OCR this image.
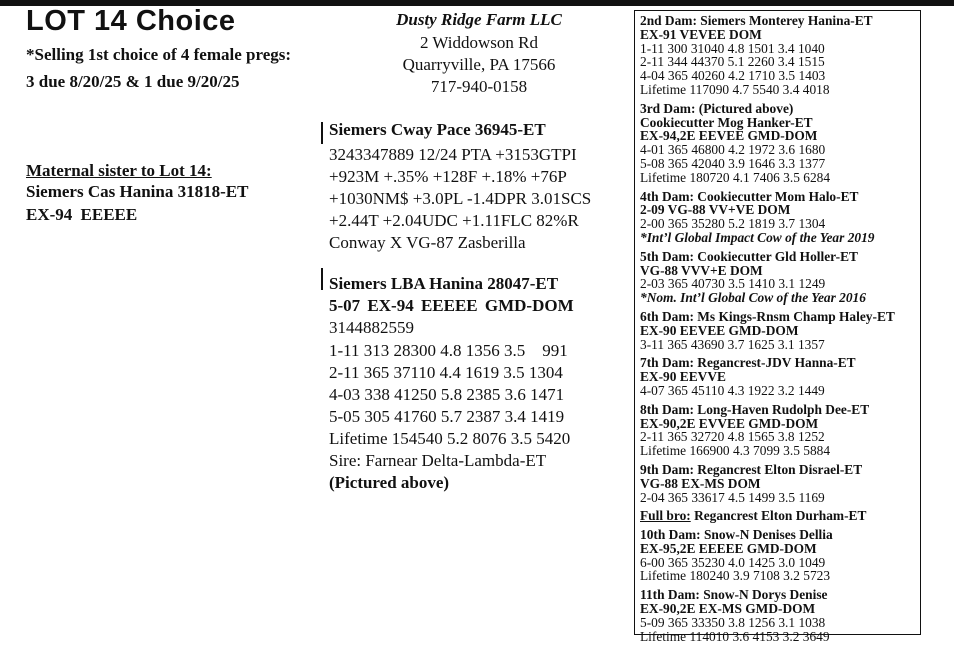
LOT 14 Choice
*Selling 1st choice of 4 female pregs:
3 due 8/20/25 & 1 due 9/20/25
Maternal sister to Lot 14:
Siemers Cas Hanina 31818-ET
EX-94 EEEEE
Dusty Ridge Farm LLC
2 Widdowson Rd
Quarryville, PA 17566
717-940-0158
Siemers Cway Pace 36945-ET
3243347889 12/24 PTA +3153GTPI
+923M +.35% +128F +.18% +76P
+1030NM$ +3.0PL -1.4DPR 3.01SCS
+2.44T +2.04UDC +1.11FLC 82%R
Conway X VG-87 Zasberilla
Siemers LBA Hanina 28047-ET
5-07 EX-94 EEEEE GMD-DOM
3144882559
1-11 313 28300 4.8 1356 3.5    991
2-11 365 37110 4.4 1619 3.5 1304
4-03 338 41250 5.8 2385 3.6 1471
5-05 305 41760 5.7 2387 3.4 1419
Lifetime 154540 5.2 8076 3.5 5420
Sire: Farnear Delta-Lambda-ET
(Pictured above)
2nd Dam: Siemers Monterey Hanina-ET
EX-91 VEVEE DOM
1-11 300 31040 4.8 1501 3.4 1040
2-11 344 44370 5.1 2260 3.4 1515
4-04 365 40260 4.2 1710 3.5 1403
Lifetime 117090 4.7 5540 3.4 4018
3rd Dam: (Pictured above)
Cookiecutter Mog Hanker-ET
EX-94,2E EEVEE GMD-DOM
4-01 365 46800 4.2 1972 3.6 1680
5-08 365 42040 3.9 1646 3.3 1377
Lifetime 180720 4.1 7406 3.5 6284
4th Dam: Cookiecutter Mom Halo-ET
2-09 VG-88 VV+VE DOM
2-00 365 35280 5.2 1819 3.7 1304
*Int’l Global Impact Cow of the Year 2019
5th Dam: Cookiecutter Gld Holler-ET
VG-88 VVV+E DOM
2-03 365 40730 3.5 1410 3.1 1249
*Nom. Int’l Global Cow of the Year 2016
6th Dam: Ms Kings-Rnsm Champ Haley-ET
EX-90 EEVEE GMD-DOM
3-11 365 43690 3.7 1625 3.1 1357
7th Dam: Regancrest-JDV Hanna-ET
EX-90 EEVVE
4-07 365 45110 4.3 1922 3.2 1449
8th Dam: Long-Haven Rudolph Dee-ET
EX-90,2E EVVEE GMD-DOM
2-11 365 32720 4.8 1565 3.8 1252
Lifetime 166900 4.3 7099 3.5 5884
9th Dam: Regancrest Elton Disrael-ET
VG-88 EX-MS DOM
2-04 365 33617 4.5 1499 3.5 1169
Full bro: Regancrest Elton Durham-ET
10th Dam: Snow-N Denises Dellia
EX-95,2E EEEEE GMD-DOM
6-00 365 35230 4.0 1425 3.0 1049
Lifetime 180240 3.9 7108 3.2 5723
11th Dam: Snow-N Dorys Denise
EX-90,2E EX-MS GMD-DOM
5-09 365 33350 3.8 1256 3.1 1038
Lifetime 114010 3.6 4153 3.2 3649
